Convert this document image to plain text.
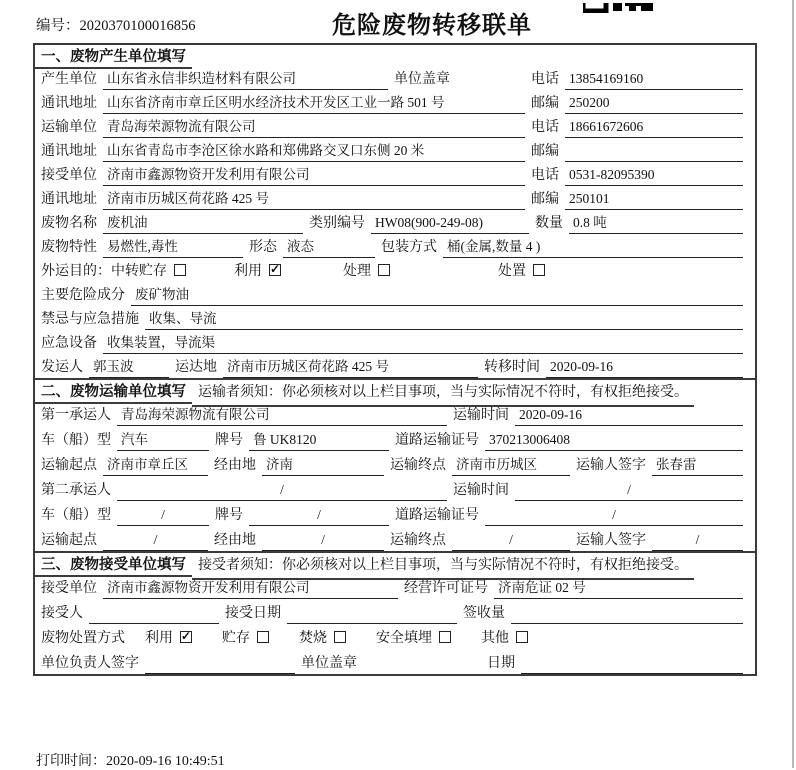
编号：2020370100016856	危险废物转移联单
一、废物产生单位填写
产生单位 山东省永信非织造材料有限公司	单位盖章	电话 13854169160
通讯地址 山东省济南市章丘区明水经济技术开发区工业一路 501 号	邮编 250200
运输单位 青岛海荣源物流有限公司	电话 18661672606
通讯地址 山东省青岛市李沧区徐水路和郑佛路交叉口东侧 20 米	邮编
接受单位 济南市鑫源物资开发利用有限公司	电话 0531-82095390
通讯地址 济南市历城区荷花路 425 号	邮编 250101
废物名称 废机油	类别编号 HW08(900-249-08)	数量 0.8 吨
废物特性 易燃性,毒性	形态 液态	包装方式 桶(金属,数量 4 )
外运目的： 中转贮存	利用 ✓	处理	处置
主要危险成分 废矿物油
禁忌与应急措施 收集、导流
应急设备 收集装置，导流渠
发运人 郭玉波	运达地 济南市历城区荷花路 425 号	转移时间 2020-09-16
二、废物运输单位填写 运输者须知：你必须核对以上栏目事项，当与实际情况不符时，有权拒绝接受。
第一承运人 青岛海荣源物流有限公司	运输时间 2020-09-16
车（船）型 汽车	牌号 鲁 UK8120	道路运输证号 370213006408
运输起点 济南市章丘区	经由地 济南	运输终点 济南市历城区	运输人签字 张春雷
第二承运人	/	运输时间	/
车（船）型	/	牌号	/	道路运输证号	/
运输起点	/	经由地	/	运输终点	/	运输人签字	/
三、废物接受单位填写 接受者须知：你必须核对以上栏目事项，当与实际情况不符时，有权拒绝接受。
接受单位 济南市鑫源物资开发利用有限公司	经营许可证号 济南危证 02 号
接受人	接受日期	签收量
废物处置方式 利用 ✓	贮存	焚烧	安全填埋	其他
单位负责人签字	单位盖章	日期
打印时间：2020-09-16 10:49:51
